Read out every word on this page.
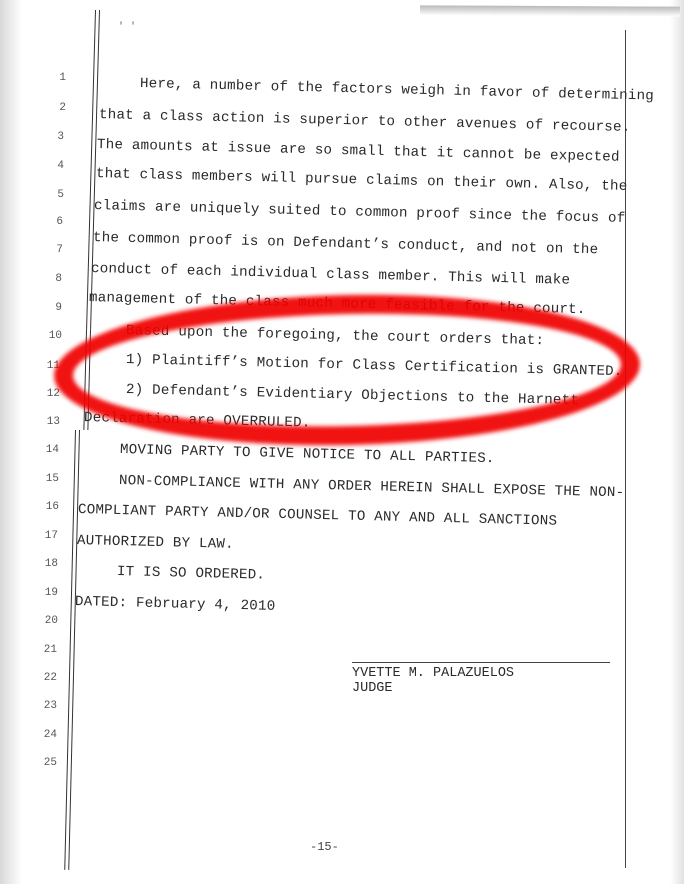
' '
1
2
3
4
5
6
7
8
9
10
11
12
13
14
15
16
17
18
19
20
21
22
23
24
25
Here, a number of the factors weigh in favor of determining
that a class action is superior to other avenues of recourse.
The amounts at issue are so small that it cannot be expected
that class members will pursue claims on their own. Also, the
claims are uniquely suited to common proof since the focus of
the common proof is on Defendant’s conduct, and not on the
conduct of each individual class member. This will make
management of the class much more feasible for the court.
Based upon the foregoing, the court orders that:
1) Plaintiff’s Motion for Class Certification is GRANTED.
2) Defendant’s Evidentiary Objections to the Harnett
Declaration are OVERRULED.
MOVING PARTY TO GIVE NOTICE TO ALL PARTIES.
NON-COMPLIANCE WITH ANY ORDER HEREIN SHALL EXPOSE THE NON-
COMPLIANT PARTY AND/OR COUNSEL TO ANY AND ALL SANCTIONS
AUTHORIZED BY LAW.
IT IS SO ORDERED.
DATED: February 4, 2010
YVETTE M. PALAZUELOS
JUDGE
-15-
